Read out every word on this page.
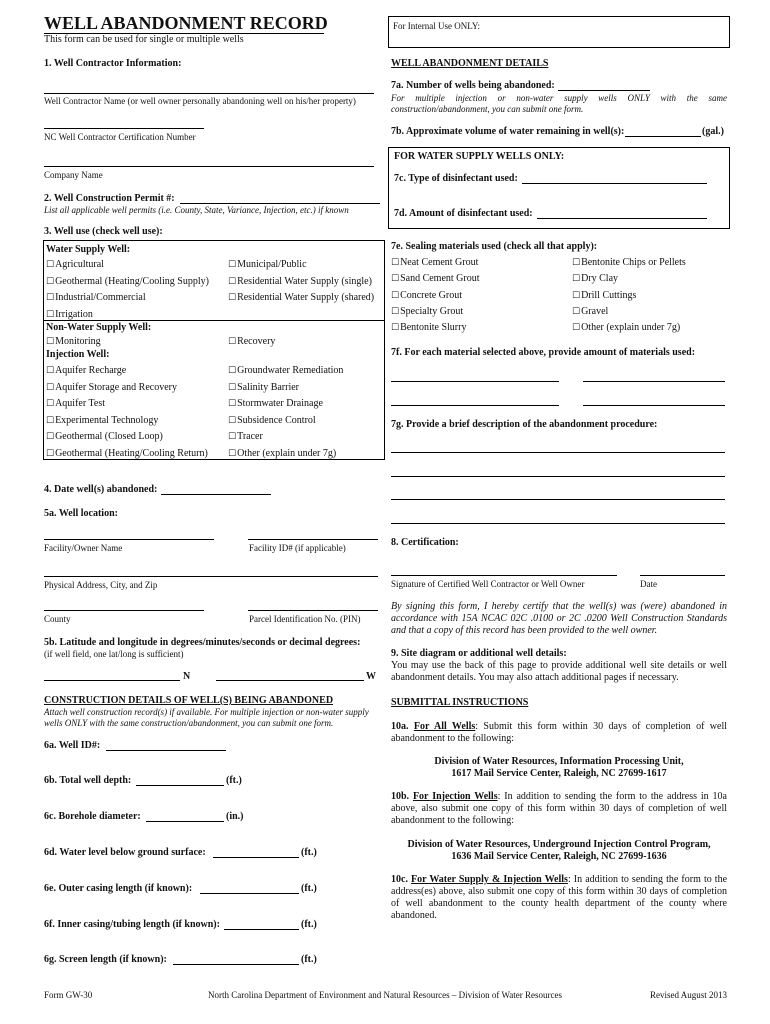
WELL ABANDONMENT RECORD
This form can be used for single or multiple wells
For Internal Use ONLY:
1. Well Contractor Information:
Well Contractor Name (or well owner personally abandoning well on his/her property)
NC Well Contractor Certification Number
Company Name
2. Well Construction Permit #:
List all applicable well permits (i.e. County, State, Variance, Injection, etc.) if known
3. Well use (check well use):
Water Supply Well:
☐ Agricultural	☐ Municipal/Public
☐ Geothermal (Heating/Cooling Supply)	☐ Residential Water Supply (single)
☐ Industrial/Commercial	☐ Residential Water Supply (shared)
☐ Irrigation
Non-Water Supply Well:
☐ Monitoring	☐ Recovery
Injection Well:
☐ Aquifer Recharge	☐ Groundwater Remediation
☐ Aquifer Storage and Recovery	☐ Salinity Barrier
☐ Aquifer Test	☐ Stormwater Drainage
☐ Experimental Technology	☐ Subsidence Control
☐ Geothermal (Closed Loop)	☐ Tracer
☐ Geothermal (Heating/Cooling Return)	☐ Other (explain under 7g)
4. Date well(s) abandoned:
5a. Well location:
Facility/Owner Name	Facility ID# (if applicable)
Physical Address, City, and Zip
County	Parcel Identification No. (PIN)
5b. Latitude and longitude in degrees/minutes/seconds or decimal degrees:
(if well field, one lat/long is sufficient)
N	W
CONSTRUCTION DETAILS OF WELL(S) BEING ABANDONED
Attach well construction record(s) if available. For multiple injection or non-water supply wells ONLY with the same construction/abandonment, you can submit one form.
6a. Well ID#:
6b. Total well depth:	(ft.)
6c. Borehole diameter:	(in.)
6d. Water level below ground surface:	(ft.)
6e. Outer casing length (if known):	(ft.)
6f. Inner casing/tubing length (if known):	(ft.)
6g. Screen length (if known):	(ft.)
WELL ABANDONMENT DETAILS
7a. Number of wells being abandoned:
For multiple injection or non-water supply wells ONLY with the same construction/abandonment, you can submit one form.
7b. Approximate volume of water remaining in well(s):	(gal.)
FOR WATER SUPPLY WELLS ONLY:
7c. Type of disinfectant used:
7d. Amount of disinfectant used:
7e. Sealing materials used (check all that apply):
☐ Neat Cement Grout	☐ Bentonite Chips or Pellets
☐ Sand Cement Grout	☐ Dry Clay
☐ Concrete Grout	☐ Drill Cuttings
☐ Specialty Grout	☐ Gravel
☐ Bentonite Slurry	☐ Other (explain under 7g)
7f. For each material selected above, provide amount of materials used:
7g. Provide a brief description of the abandonment procedure:
8. Certification:
Signature of Certified Well Contractor or Well Owner	Date
By signing this form, I hereby certify that the well(s) was (were) abandoned in accordance with 15A NCAC 02C .0100 or 2C .0200 Well Construction Standards and that a copy of this record has been provided to the well owner.
9. Site diagram or additional well details:
You may use the back of this page to provide additional well site details or well abandonment details. You may also attach additional pages if necessary.
SUBMITTAL INSTRUCTIONS
10a. For All Wells: Submit this form within 30 days of completion of well abandonment to the following:
Division of Water Resources, Information Processing Unit,
1617 Mail Service Center, Raleigh, NC 27699-1617
10b. For Injection Wells: In addition to sending the form to the address in 10a above, also submit one copy of this form within 30 days of completion of well abandonment to the following:
Division of Water Resources, Underground Injection Control Program,
1636 Mail Service Center, Raleigh, NC 27699-1636
10c. For Water Supply & Injection Wells: In addition to sending the form to the address(es) above, also submit one copy of this form within 30 days of completion of well abandonment to the county health department of the county where abandoned.
Form GW-30	North Carolina Department of Environment and Natural Resources – Division of Water Resources	Revised August 2013
